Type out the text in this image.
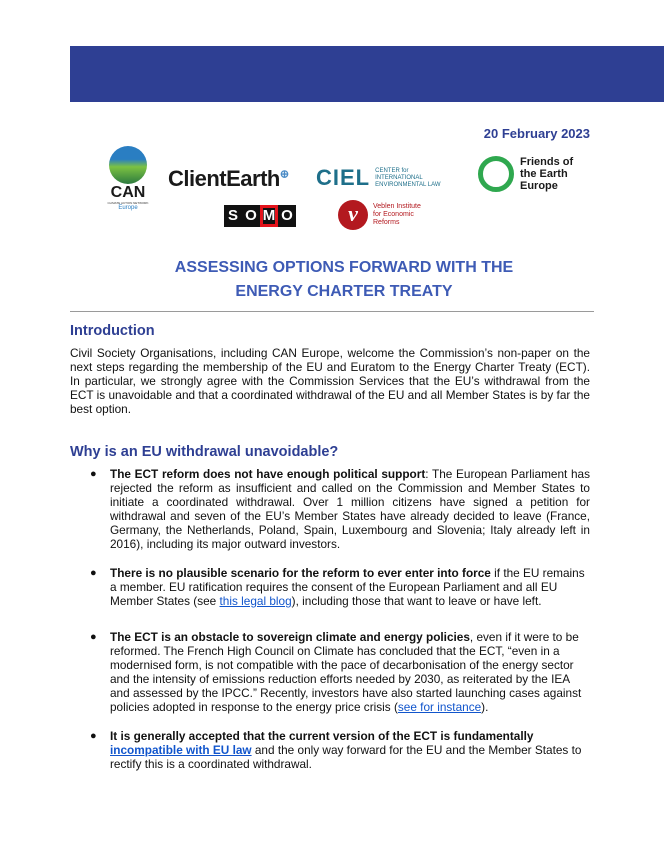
20 February 2023
CAN
CLIMATE ACTION NETWORK
Europe
ClientEarth⊕ CIEL CENTER for INTERNATIONAL
ENVIRONMENTAL LAW
Friends of
the Earth
Europe
S O M O	v	Veblen Institute
for Economic
Reforms
ASSESSING OPTIONS FORWARD WITH THE
ENERGY CHARTER TREATY
Introduction
Civil Society Organisations, including CAN Europe, welcome the Commission’s non-paper on the next steps regarding the membership of the EU and Euratom to the Energy Charter Treaty (ECT). In particular, we strongly agree with the Commission Services that the EU’s withdrawal from the ECT is unavoidable and that a coordinated withdrawal of the EU and all Member States is by far the best option.
Why is an EU withdrawal unavoidable?
● The ECT reform does not have enough political support: The European Parliament has rejected the reform as insufficient and called on the Commission and Member States to initiate a coordinated withdrawal. Over 1 million citizens have signed a petition for withdrawal and seven of the EU’s Member States have already decided to leave (France, Germany, the Netherlands, Poland, Spain, Luxembourg and Slovenia; Italy already left in 2016), including its major outward investors.
● There is no plausible scenario for the reform to ever enter into force if the EU remains a member. EU ratification requires the consent of the European Parliament and all EU Member States (see this legal blog), including those that want to leave or have left.
● The ECT is an obstacle to sovereign climate and energy policies, even if it were to be reformed. The French High Council on Climate has concluded that the ECT, “even in a modernised form, is not compatible with the pace of decarbonisation of the energy sector and the intensity of emissions reduction efforts needed by 2030, as reiterated by the IEA and assessed by the IPCC.” Recently, investors have also started launching cases against policies adopted in response to the energy price crisis (see for instance).
● It is generally accepted that the current version of the ECT is fundamentally incompatible with EU law and the only way forward for the EU and the Member States to rectify this is a coordinated withdrawal.
